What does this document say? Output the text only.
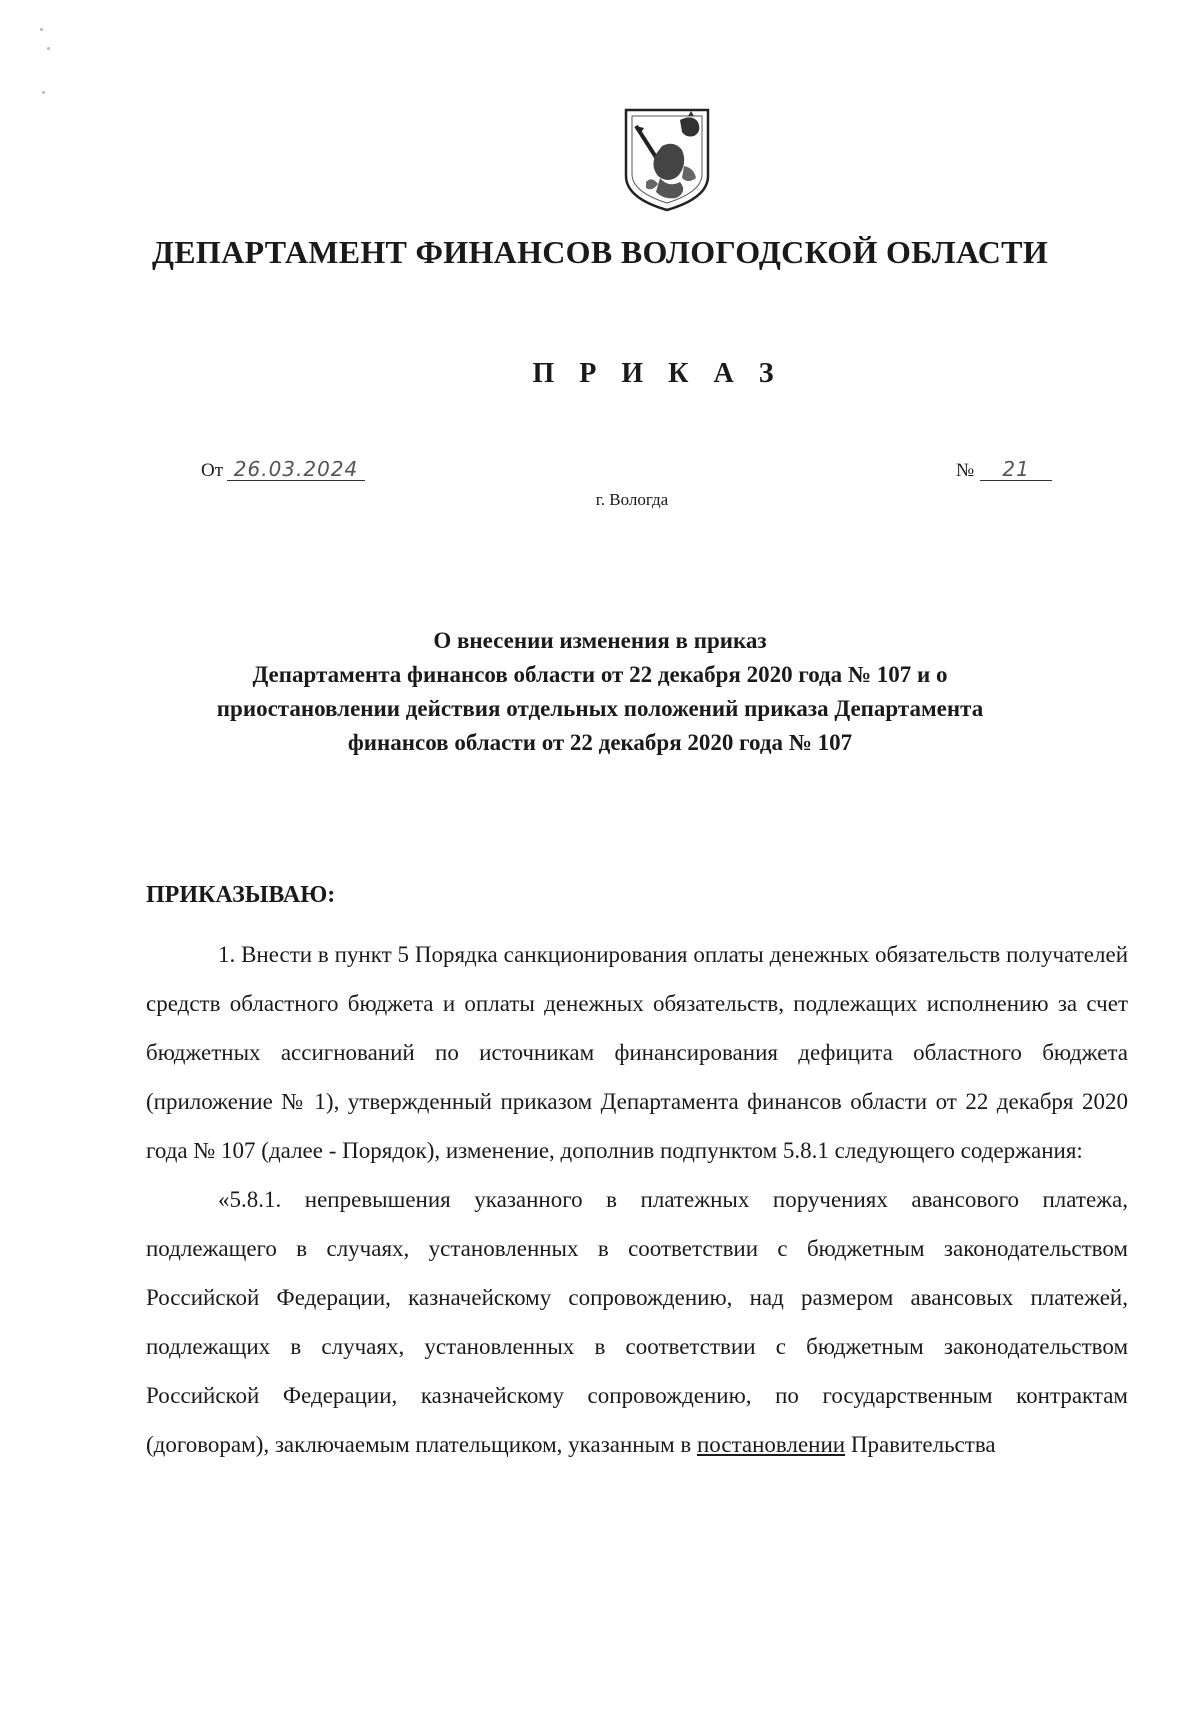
ДЕПАРТАМЕНТ ФИНАНСОВ ВОЛОГОДСКОЙ ОБЛАСТИ
П Р И К А З
От 26.03.2024	№ 21
г. Вологда
О внесении изменения в приказ
Департамента финансов области от 22 декабря 2020 года № 107 и о
приостановлении действия отдельных положений приказа Департамента
финансов области от 22 декабря 2020 года № 107
ПРИКАЗЫВАЮ:

1. Внести в пункт 5 Порядка санкционирования оплаты денежных обязательств получателей средств областного бюджета и оплаты денежных обязательств, подлежащих исполнению за счет бюджетных ассигнований по источникам финансирования дефицита областного бюджета (приложение № 1), утвержденный приказом Департамента финансов области от 22 декабря 2020 года № 107 (далее - Порядок), изменение, дополнив подпунктом 5.8.1 следующего содержания:

«5.8.1. непревышения указанного в платежных поручениях авансового платежа, подлежащего в случаях, установленных в соответствии с бюджетным законодательством Российской Федерации, казначейскому сопровождению, над размером авансовых платежей, подлежащих в случаях, установленных в соответствии с бюджетным законодательством Российской Федерации, казначейскому сопровождению, по государственным контрактам (договорам), заключаемым плательщиком, указанным в постановлении Правительства
